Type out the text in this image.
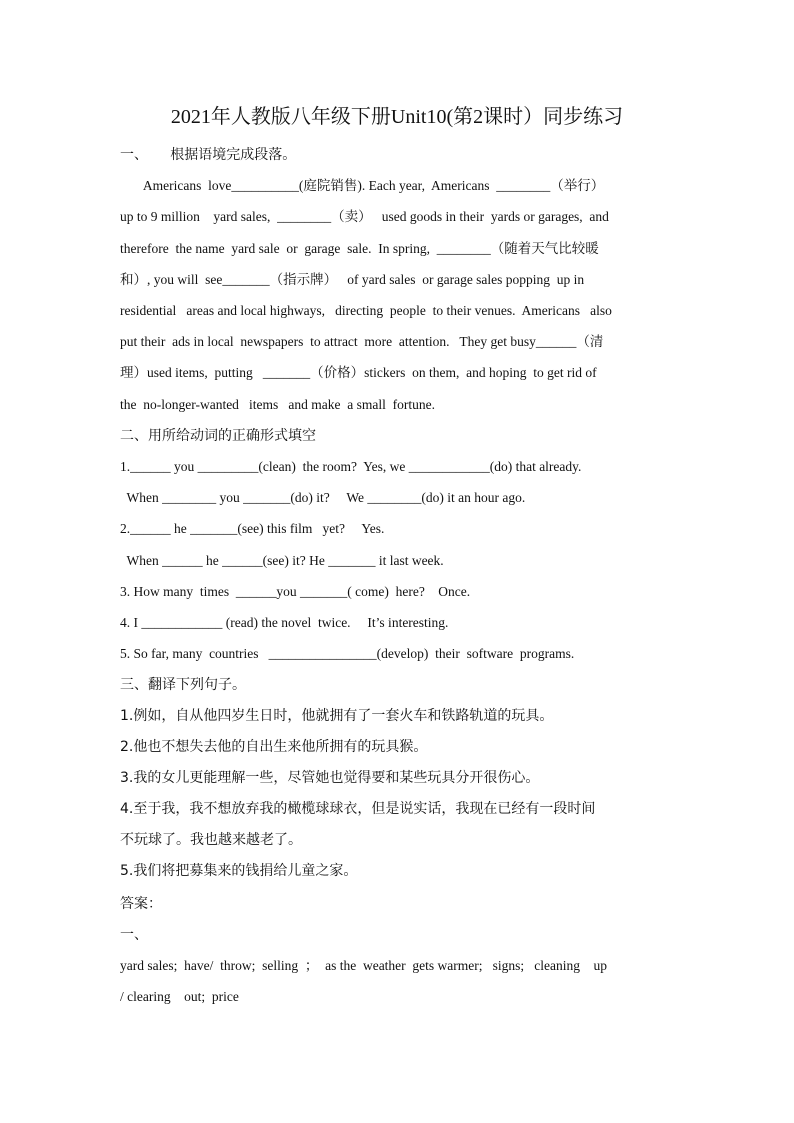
2021年人教版八年级下册Unit10(第2课时）同步练习
一、     根据语境完成段落。
Americans  love__________(庭院销售). Each year,  Americans  ________（举行）
up to 9 million    yard sales,  ________（卖）   used goods in their  yards or garages,  and
therefore  the name  yard sale  or  garage  sale.  In spring,  ________（随着天气比较暖
和）, you will  see_______（指示牌）   of yard sales  or garage sales popping  up in
residential   areas and local highways,   directing  people  to their venues.  Americans   also
put their  ads in local  newspapers  to attract  more  attention.   They get busy______（清
理）used items,  putting   _______（价格）stickers  on them,  and hoping  to get rid of
the  no-longer-wanted   items   and make  a small  fortune.
二、用所给动词的正确形式填空
1.______ you _________(clean)  the room?  Yes, we ____________(do) that already.
When ________ you _______(do) it?     We ________(do) it an hour ago.
2.______ he _______(see) this film   yet?     Yes.
When ______ he ______(see) it? He _______ it last week.
3. How many  times  ______you _______( come)  here?    Once.
4. I ____________ (read) the novel  twice.     It’s interesting.
5. So far, many  countries   ________________(develop)  their  software  programs.
三、翻译下列句子。
1.例如，自从他四岁生日时，他就拥有了一套火车和铁路轨道的玩具。
2.他也不想失去他的自出生来他所拥有的玩具猴。
3.我的女儿更能理解一些，尽管她也觉得要和某些玩具分开很伤心。
4.至于我，我不想放弃我的橄榄球球衣，但是说实话，我现在已经有一段时间
不玩球了。我也越来越老了。
5.我们将把募集来的钱捐给儿童之家。
答案：
一、
yard sales;  have/  throw;  selling  ；  as the  weather  gets warmer;   signs;   cleaning    up
/ clearing    out;  price
